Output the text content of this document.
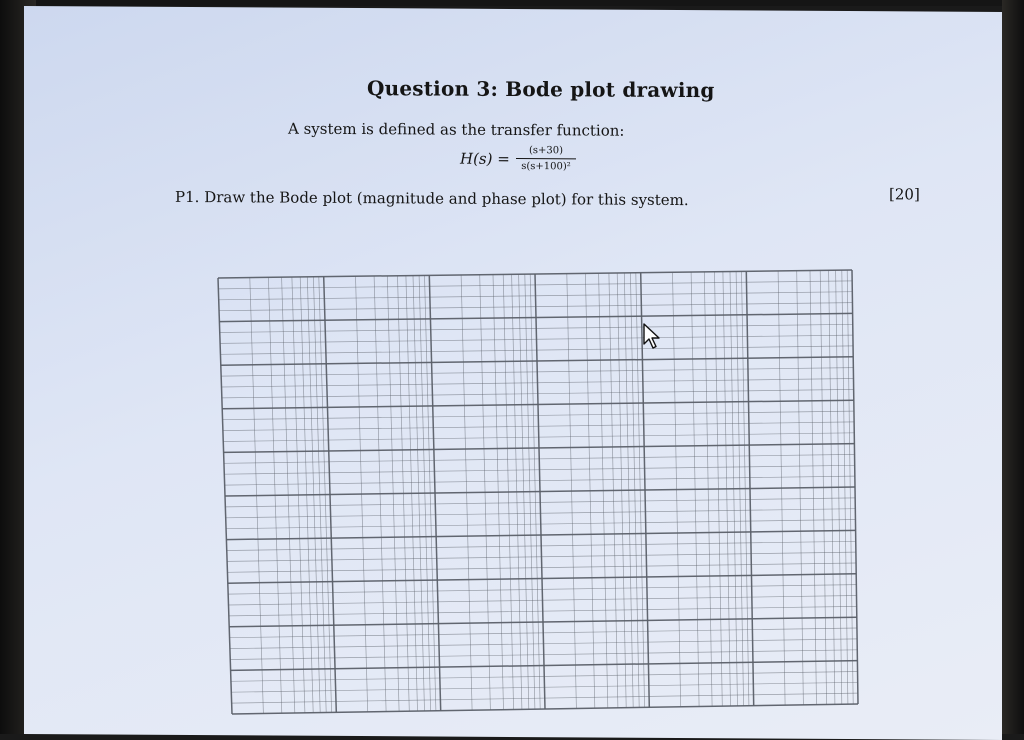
Question 3: Bode plot drawing
A system is defined as the transfer function:
H(s) =	(s+30)
s(s+100)²
P1. Draw the Bode plot (magnitude and phase plot) for this system.	[20]
